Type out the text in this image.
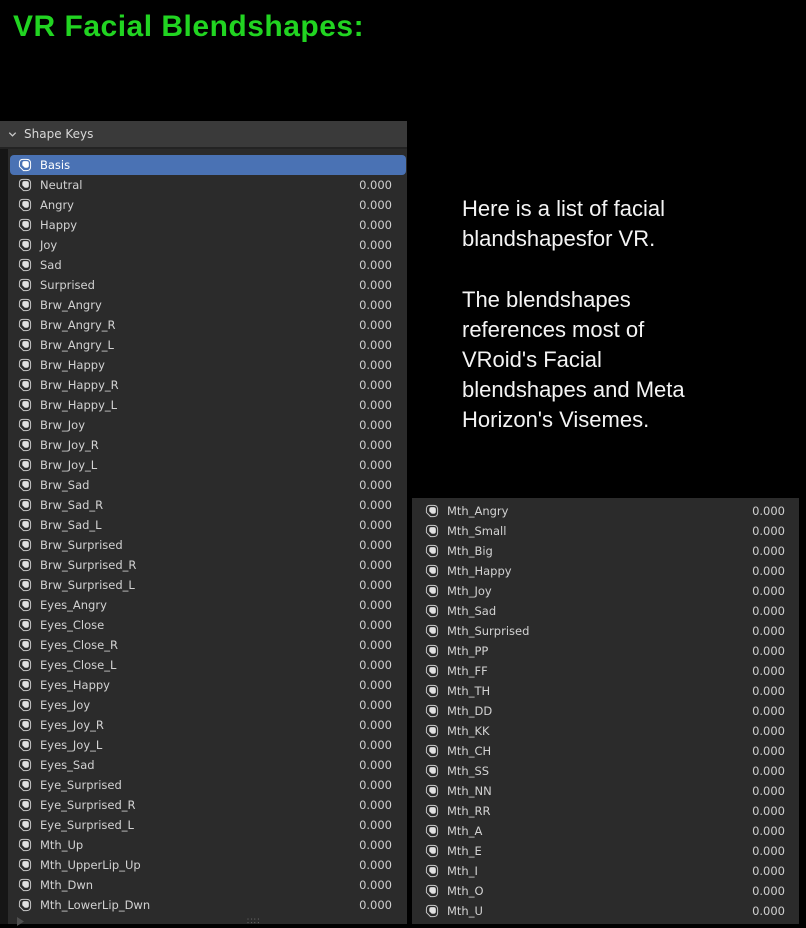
VR Facial Blendshapes:
Here is a list of facial
blandshapesfor VR.
The blendshapes
references most of
VRoid's Facial
blendshapes and Meta
Horizon's Visemes.
Shape Keys
Basis
Neutral	0.000
Angry	0.000
Happy	0.000
Joy	0.000
Sad	0.000
Surprised	0.000
Brw_Angry	0.000
Brw_Angry_R	0.000
Brw_Angry_L	0.000
Brw_Happy	0.000
Brw_Happy_R	0.000
Brw_Happy_L	0.000
Brw_Joy	0.000
Brw_Joy_R	0.000
Brw_Joy_L	0.000
Brw_Sad	0.000
Brw_Sad_R	0.000
Brw_Sad_L	0.000
Brw_Surprised	0.000
Brw_Surprised_R	0.000
Brw_Surprised_L	0.000
Eyes_Angry	0.000
Eyes_Close	0.000
Eyes_Close_R	0.000
Eyes_Close_L	0.000
Eyes_Happy	0.000
Eyes_Joy	0.000
Eyes_Joy_R	0.000
Eyes_Joy_L	0.000
Eyes_Sad	0.000
Eye_Surprised	0.000
Eye_Surprised_R	0.000
Eye_Surprised_L	0.000
Mth_Up	0.000
Mth_UpperLip_Up	0.000
Mth_Dwn	0.000
Mth_LowerLip_Dwn	0.000
∷∷
Mth_Angry	0.000
Mth_Small	0.000
Mth_Big	0.000
Mth_Happy	0.000
Mth_Joy	0.000
Mth_Sad	0.000
Mth_Surprised	0.000
Mth_PP	0.000
Mth_FF	0.000
Mth_TH	0.000
Mth_DD	0.000
Mth_KK	0.000
Mth_CH	0.000
Mth_SS	0.000
Mth_NN	0.000
Mth_RR	0.000
Mth_A	0.000
Mth_E	0.000
Mth_I	0.000
Mth_O	0.000
Mth_U	0.000
